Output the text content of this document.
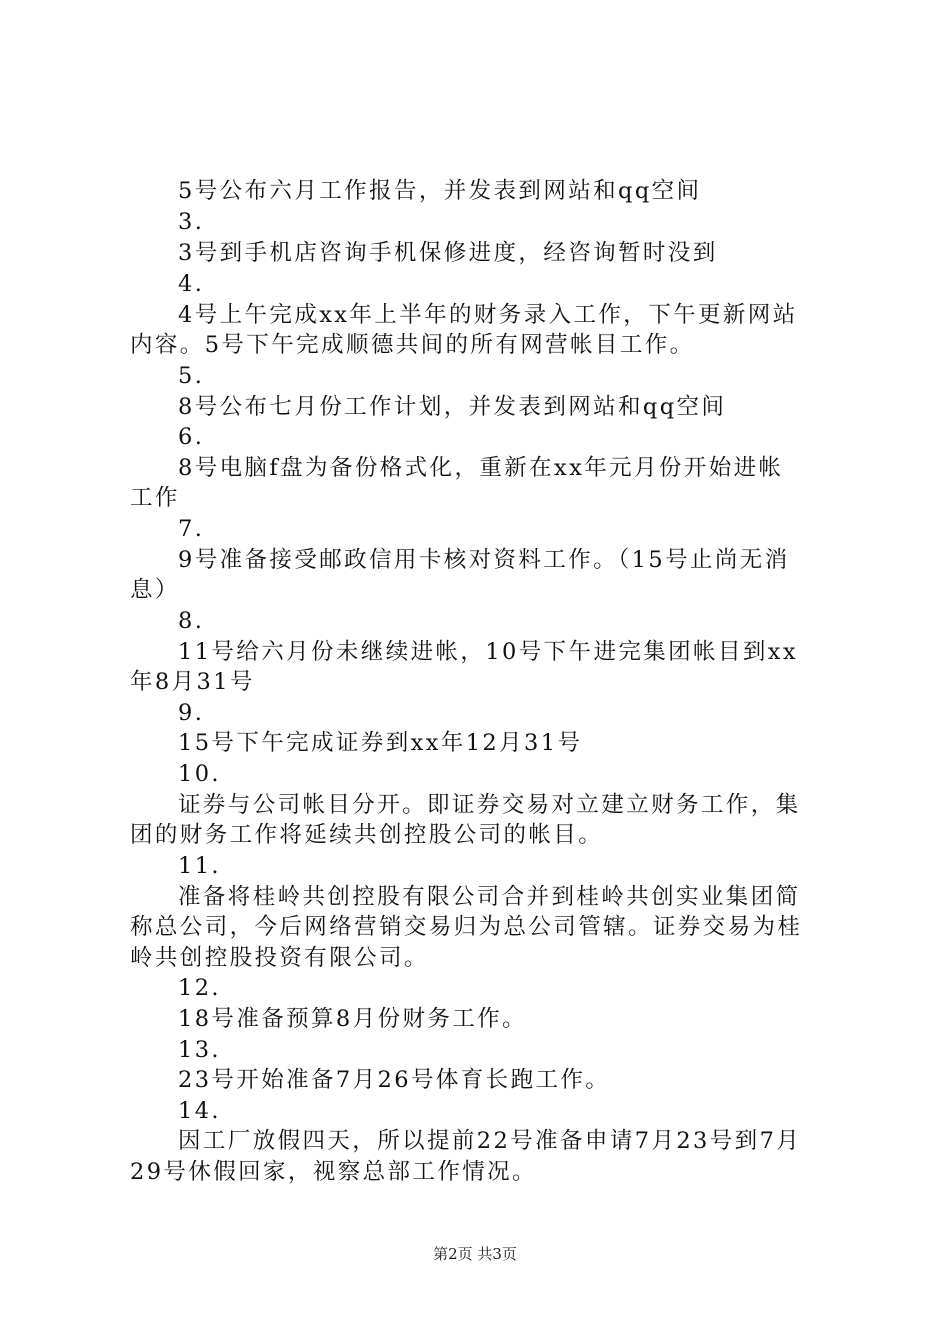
5号公布六月工作报告，并发表到网站和qq空间
3.
3号到手机店咨询手机保修进度，经咨询暂时没到
4.
4号上午完成xx年上半年的财务录入工作，下午更新网站
内容。5号下午完成顺德共间的所有网营帐目工作。
5.
8号公布七月份工作计划，并发表到网站和qq空间
6.
8号电脑f盘为备份格式化，重新在xx年元月份开始进帐
工作
7.
9号准备接受邮政信用卡核对资料工作。（15号止尚无消
息）
8.
11号给六月份未继续进帐，10号下午进完集团帐目到xx
年8月31号
9.
15号下午完成证券到xx年12月31号
10.
证券与公司帐目分开。即证券交易对立建立财务工作，集
团的财务工作将延续共创控股公司的帐目。
11.
准备将桂岭共创控股有限公司合并到桂岭共创实业集团简
称总公司，今后网络营销交易归为总公司管辖。证券交易为桂
岭共创控股投资有限公司。
12.
18号准备预算8月份财务工作。
13.
23号开始准备7月26号体育长跑工作。
14.
因工厂放假四天，所以提前22号准备申请7月23号到7月
29号休假回家，视察总部工作情况。
第2页 共3页
